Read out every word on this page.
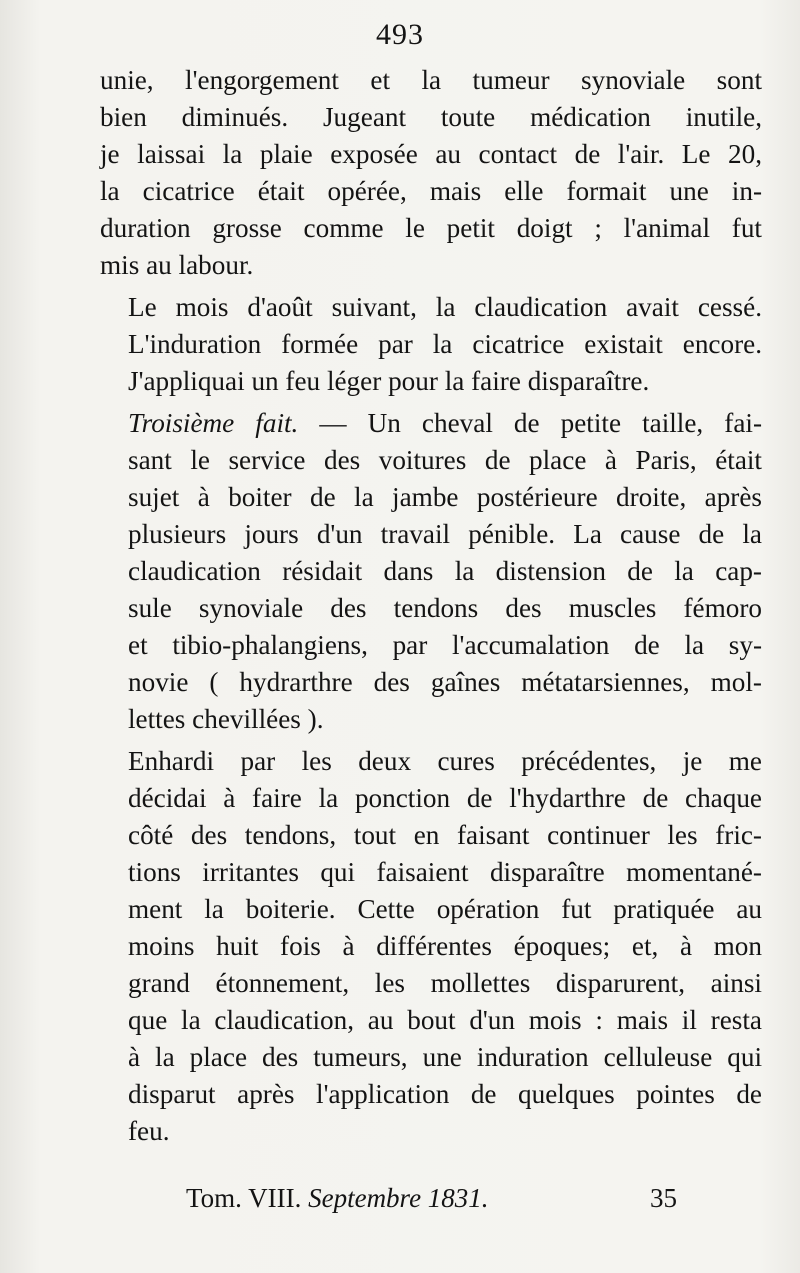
493

unie, l'engorgement et la tumeur synoviale sont
bien diminués. Jugeant toute médication inutile,
je laissai la plaie exposée au contact de l'air. Le 20,
la cicatrice était opérée, mais elle formait une in-
duration grosse comme le petit doigt ; l'animal fut
mis au labour.

Le mois d'août suivant, la claudication avait cessé.
L'induration formée par la cicatrice existait encore.
J'appliquai un feu léger pour la faire disparaître.

Troisième fait. — Un cheval de petite taille, fai-
sant le service des voitures de place à Paris, était
sujet à boiter de la jambe postérieure droite, après
plusieurs jours d'un travail pénible. La cause de la
claudication résidait dans la distension de la cap-
sule synoviale des tendons des muscles fémoro
et tibio-phalangiens, par l'accumalation de la sy-
novie ( hydrarthre des gaînes métatarsiennes, mol-
lettes chevillées ).

Enhardi par les deux cures précédentes, je me
décidai à faire la ponction de l'hydarthre de chaque
côté des tendons, tout en faisant continuer les fric-
tions irritantes qui faisaient disparaître momentané-
ment la boiterie. Cette opération fut pratiquée au
moins huit fois à différentes époques; et, à mon
grand étonnement, les mollettes disparurent, ainsi
que la claudication, au bout d'un mois : mais il resta
à la place des tumeurs, une induration celluleuse qui
disparut après l'application de quelques pointes de
feu.

Tom. VIII. Septembre 1831.	35
